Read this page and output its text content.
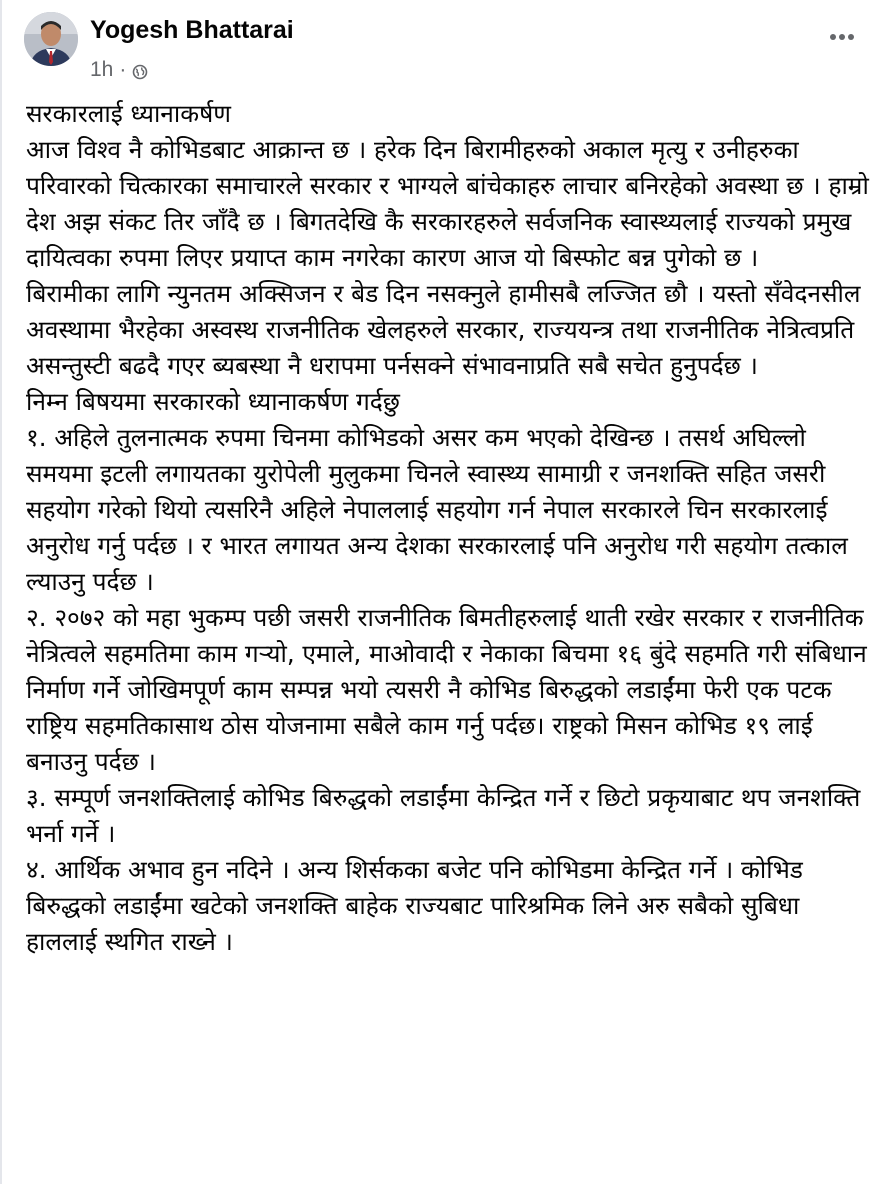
Yogesh Bhattarai
1h ·

सरकारलाई ध्यानाकर्षण

आज विश्व नै कोभिडबाट आक्रान्त छ । हरेक दिन बिरामीहरुको अकाल मृत्यु र उनीहरुका परिवारको चित्कारका समाचारले सरकार र भाग्यले बांचेकाहरु लाचार बनिरहेको अवस्था छ । हाम्रो देश अझ संकट तिर जाँदै छ । बिगतदेखि कै सरकारहरुले सर्वजनिक स्वास्थ्यलाई राज्यको प्रमुख दायित्वका रुपमा लिएर प्रयाप्त काम नगरेका कारण आज यो बिस्फोट बन्न पुगेको छ ।

बिरामीका लागि न्युनतम अक्सिजन र बेड दिन नसक्नुले हामीसबै लज्जित छौ । यस्तो सँवेदनसील अवस्थामा भैरहेका अस्वस्थ राजनीतिक खेलहरुले सरकार, राज्ययन्त्र तथा राजनीतिक नेत्रित्वप्रति असन्तुस्टी बढदै गएर ब्यबस्था नै धरापमा पर्नसक्ने संभावनाप्रति सबै सचेत हुनुपर्दछ ।

निम्न बिषयमा सरकारको ध्यानाकर्षण गर्दछु

१. अहिले तुलनात्मक रुपमा चिनमा कोभिडको असर कम भएको देखिन्छ । तसर्थ अघिल्लो समयमा इटली लगायतका युरोपेली मुलुकमा चिनले स्वास्थ्य सामाग्री र जनशक्ति सहित जसरी सहयोग गरेको थियो त्यसरिनै अहिले नेपाललाई सहयोग गर्न नेपाल सरकारले चिन सरकारलाई अनुरोध गर्नु पर्दछ । र भारत लगायत अन्य देशका सरकारलाई पनि अनुरोध गरी सहयोग तत्काल ल्याउनु पर्दछ ।

२. २०७२ को महा भुकम्प पछी जसरी राजनीतिक बिमतीहरुलाई थाती रखेर सरकार र राजनीतिक नेत्रित्वले सहमतिमा काम गर्‍यो, एमाले, माओवादी र नेकाका बिचमा १६ बुंदे सहमति गरी संबिधान निर्माण गर्ने जोखिमपूर्ण काम सम्पन्न भयो त्यसरी नै कोभिड बिरुद्धको लडाईंमा फेरी एक पटक राष्ट्रिय सहमतिकासाथ ठोस योजनामा सबैले काम गर्नु पर्दछ। राष्ट्रको मिसन कोभिड १९ लाई बनाउनु पर्दछ ।

३. सम्पूर्ण जनशक्तिलाई कोभिड बिरुद्धको लडाईंमा केन्द्रित गर्ने र छिटो प्रकृयाबाट थप जनशक्ति भर्ना गर्ने ।

४. आर्थिक अभाव हुन नदिने । अन्य शिर्सकका बजेट पनि कोभिडमा केन्द्रित गर्ने । कोभिड बिरुद्धको लडाईंमा खटेको जनशक्ति बाहेक राज्यबाट पारिश्रमिक लिने अरु सबैको सुबिधा हाललाई स्थगित राख्ने ।
